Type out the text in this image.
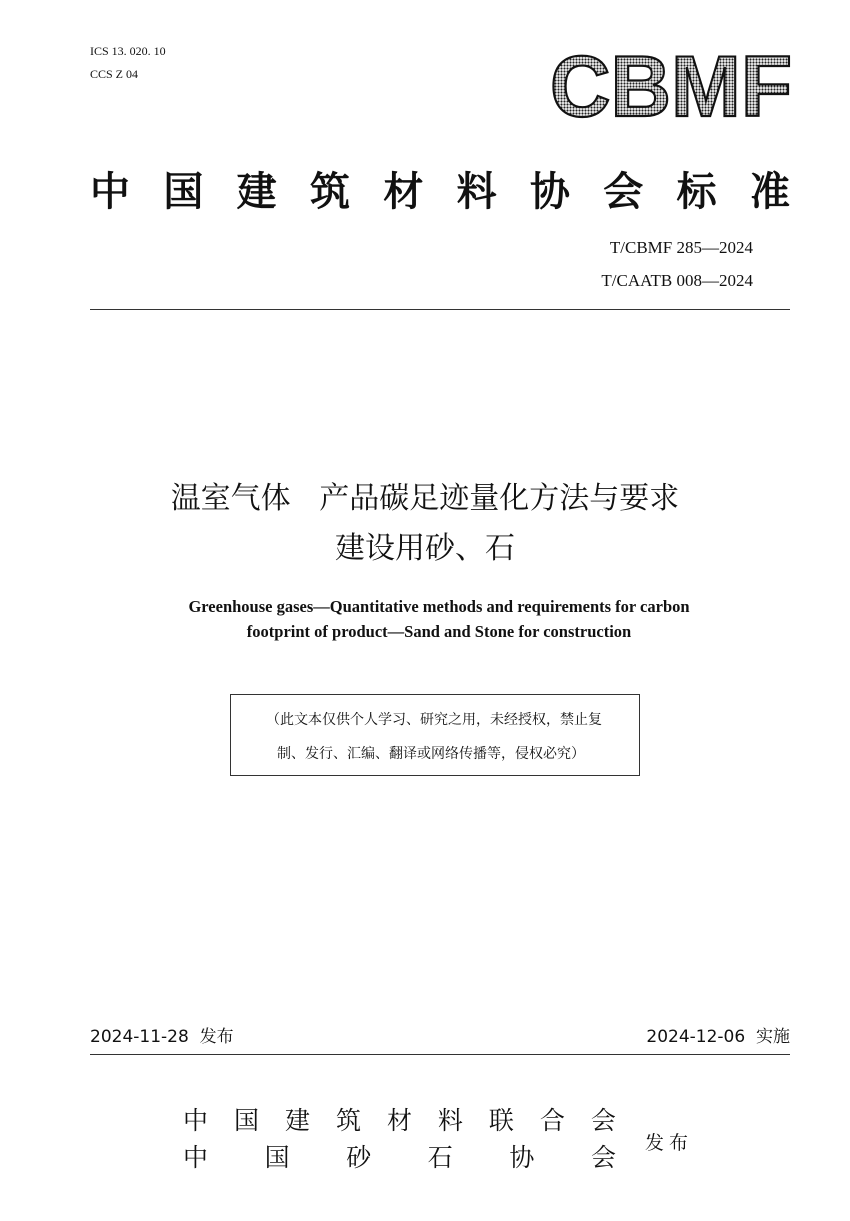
ICS 13. 020. 10
CCS Z 04	CBMF
中 国 建 筑 材 料 协 会 标 准
T/CBMF 285—2024
T/CAATB 008—2024
温室气体   产品碳足迹量化方法与要求
建设用砂、石
Greenhouse gases—Quantitative methods and requirements for carbon
footprint of product—Sand and Stone for construction
（此文本仅供个人学习、研究之用，未经授权，禁止复
制、发行、汇编、翻译或网络传播等，侵权必究）
2024-11-28  发布	2024-12-06  实施
中 国 建 筑 材 料 联 合 会
中 国 砂 石 协 会 发布
